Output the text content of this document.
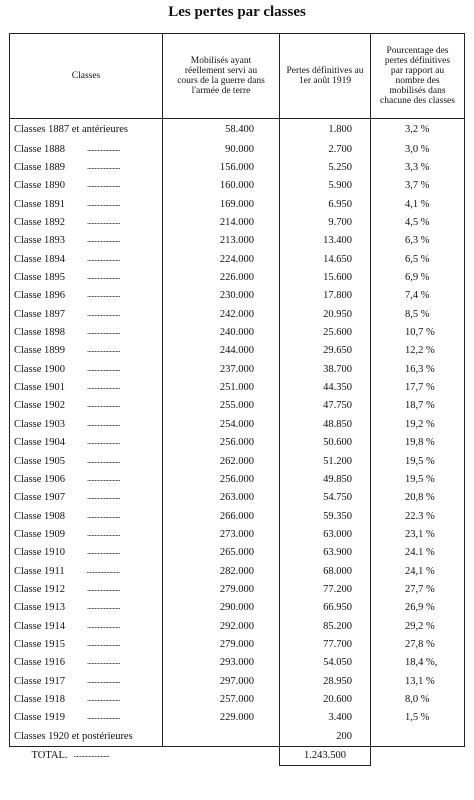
Les pertes par classes
Classes	Mobilisés ayant réellement servi au cours de la guerre dans l'armée de terre	Pertes définitives au 1er août 1919	Pourcentage des pertes définitives par rapport au nombre des mobilisés dans chacune des classes

Classes 1887 et antérieures	58.400	1.800	3,2 %
Classe 1888 ......................	90.000	2.700	3,0 %
Classe 1889 ......................	156.000	5.250	3,3 %
Classe 1890 ......................	160.000	5.900	3,7 %
Classe 1891 ......................	169.000	6.950	4,1 %
Classe 1892 ......................	214.000	9.700	4,5 %
Classe 1893 ......................	213.000	13.400	6,3 %
Classe 1894 ......................	224.000	14.650	6,5 %
Classe 1895 ......................	226.000	15.600	6,9 %
Classe 1896 ......................	230.000	17.800	7,4 %
Classe 1897 ......................	242.000	20.950	8,5 %
Classe 1898 ......................	240.000	25.600	10,7 %
Classe 1899 ......................	244.000	29.650	12,2 %
Classe 1900 ......................	237.000	38.700	16,3 %
Classe 1901 ......................	251.000	44.350	17,7 %
Classe 1902 ......................	255.000	47.750	18,7 %
Classe 1903 ......................	254.000	48.850	19,2 %
Classe 1904 ......................	256.000	50.600	19,8 %
Classe 1905 ......................	262.000	51.200	19,5 %
Classe 1906 ......................	256.000	49.850	19,5 %
Classe 1907 ......................	263.000	54.750	20,8 %
Classe 1908 ......................	266.000	59.350	22.3 %
Classe 1909 ......................	273.000	63.000	23,1 %
Classe 1910 ......................	265.000	63.900	24.1 %
Classe 1911 ......................	282.000	68.000	24,1 %
Classe 1912 ......................	279.000	77.200	27,7 %
Classe 1913 ......................	290.000	66.950	26,9 %
Classe 1914 ......................	292.000	85.200	29,2 %
Classe 1915 ......................	279.000	77.700	27,8 %
Classe 1916 ......................	293.000	54.050	18,4 %,
Classe 1917 ......................	297.000	28.950	13,1 %
Classe 1918 ......................	257.000	20.600	8,0 %
Classe 1919 ......................	229.000	3.400	1,5 %
Classes 1920 et postérieures		200	
TOTAL. ........................		1.243.500	
